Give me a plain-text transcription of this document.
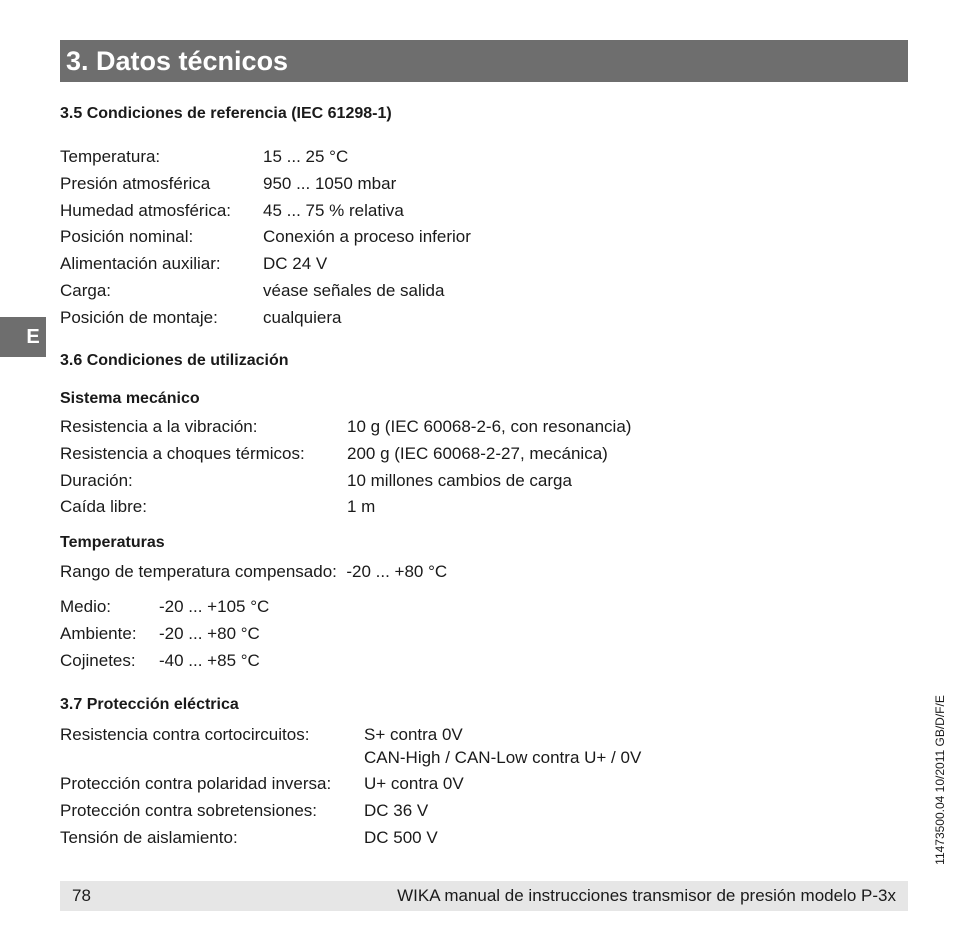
3. Datos técnicos
E
3.5 Condiciones de referencia (IEC 61298-1)
Temperatura:	15 ... 25 °C
Presión atmosférica	950 ... 1050 mbar
Humedad atmosférica:	45 ... 75 % relativa
Posición nominal:	Conexión a proceso inferior
Alimentación auxiliar:	DC 24 V
Carga:	véase señales de salida
Posición de montaje:	cualquiera
3.6 Condiciones de utilización
Sistema mecánico
Resistencia a la vibración:	10 g (IEC 60068-2-6, con resonancia)
Resistencia a choques térmicos:	200 g (IEC 60068-2-27, mecánica)
Duración:	10 millones cambios de carga
Caída libre:	1 m
Temperaturas
Rango de temperatura compensado: -20 ... +80 °C
Medio:	-20 ... +105 °C
Ambiente:	-20 ... +80 °C
Cojinetes:	-40 ... +85 °C
3.7 Protección eléctrica
Resistencia contra cortocircuitos:	S+ contra 0V
CAN-High / CAN-Low contra U+ / 0V
Protección contra polaridad inversa:	U+ contra 0V
Protección contra sobretensiones:	DC 36 V
Tensión de aislamiento:	DC 500 V
78	WIKA manual de instrucciones transmisor de presión modelo P-3x
11473500.04 10/2011 GB/D/F/E
